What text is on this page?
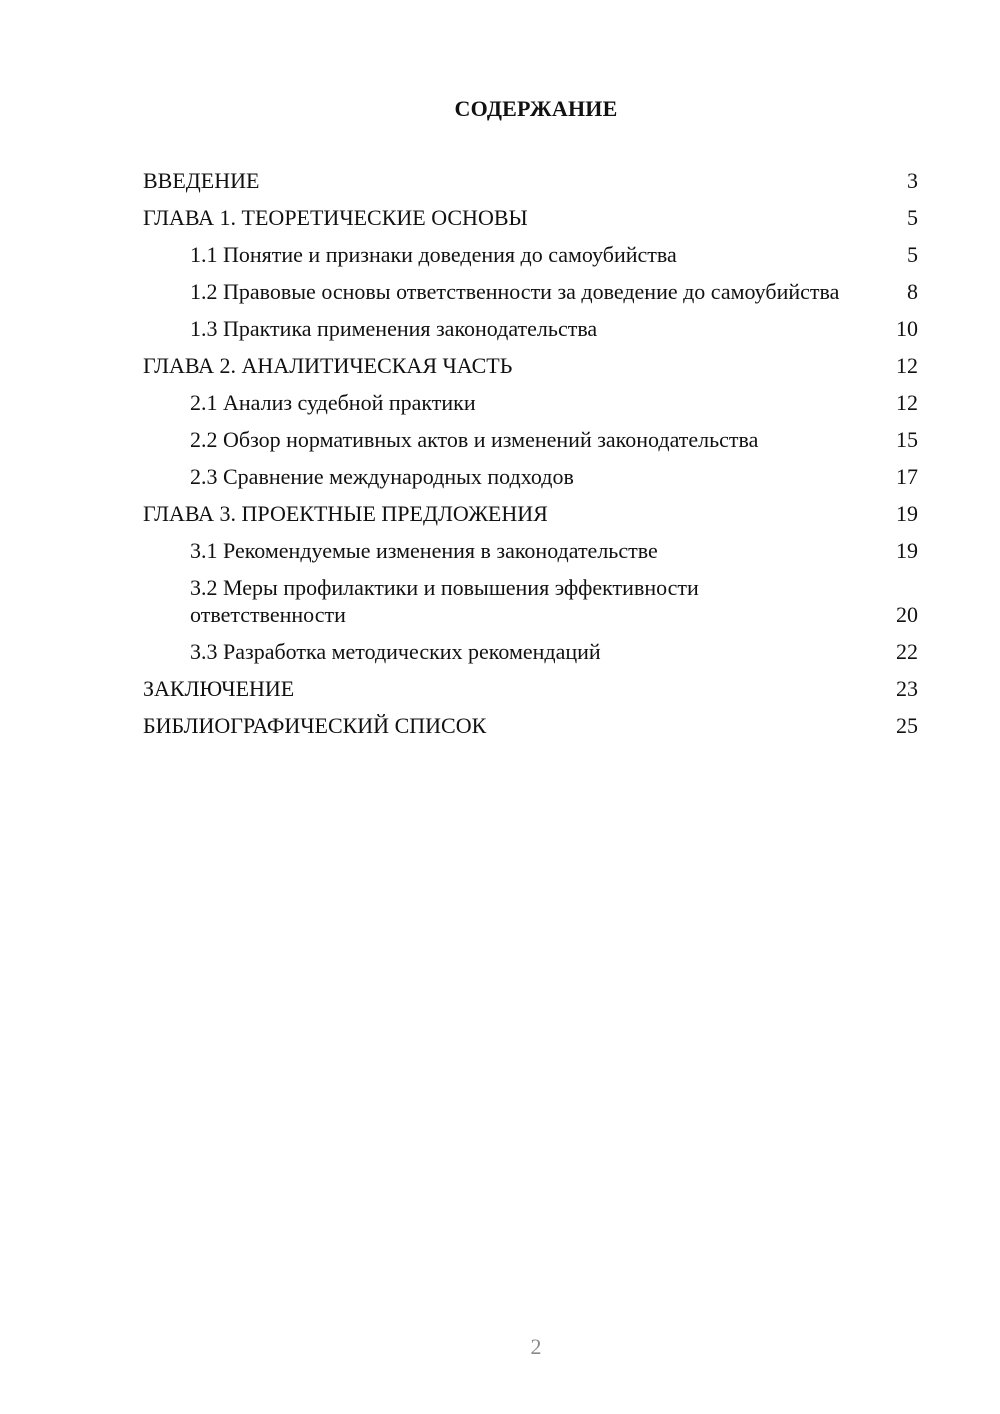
СОДЕРЖАНИЕ
ВВЕДЕНИЕ	3
ГЛАВА 1. ТЕОРЕТИЧЕСКИЕ ОСНОВЫ	5
1.1 Понятие и признаки доведения до самоубийства	5
1.2 Правовые основы ответственности за доведение до самоубийства	8
1.3 Практика применения законодательства	10
ГЛАВА 2. АНАЛИТИЧЕСКАЯ ЧАСТЬ	12
2.1 Анализ судебной практики	12
2.2 Обзор нормативных актов и изменений законодательства	15
2.3 Сравнение международных подходов	17
ГЛАВА 3. ПРОЕКТНЫЕ ПРЕДЛОЖЕНИЯ	19
3.1 Рекомендуемые изменения в законодательстве	19
3.2 Меры профилактики и повышения эффективности ответственности	20
3.3 Разработка методических рекомендаций	22
ЗАКЛЮЧЕНИЕ	23
БИБЛИОГРАФИЧЕСКИЙ СПИСОК	25
2
